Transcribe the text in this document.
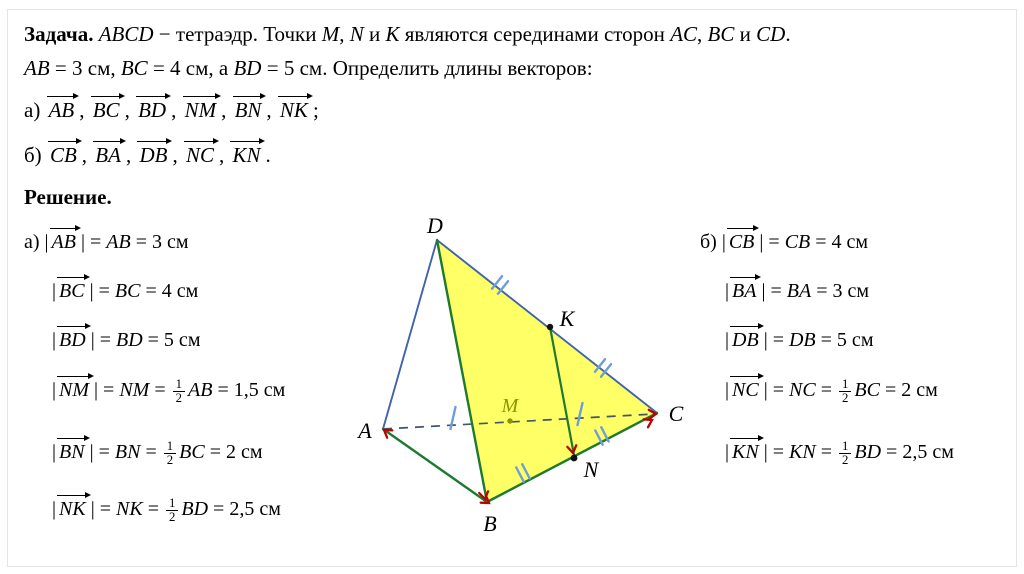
Задача. ABCD − тетраэдр. Точки M, N и K являются серединами сторон AC, BC и CD.
AB = 3 см, BC = 4 см, а BD = 5 см. Определить длины векторов:
а) AB , BC , BD , NM , BN , NK ;
б) CB , BA , DB , NC , KN .
Решение.
а) | AB | = AB = 3 см
| BC | = BC = 4 см
| BD | = BD = 5 см
| NM | = NM = $\frac{1}{2}$ AB = 1,5 см
| BN | = BN = $\frac{1}{2}$ BC = 2 см
| NK | = NK = $\frac{1}{2}$ BD = 2,5 см
б) | CB | = CB = 4 см
| BA | = BA = 3 см
| DB | = DB = 5 см
| NC | = NC = $\frac{1}{2}$ BC = 2 см
| KN | = KN = $\frac{1}{2}$ BD = 2,5 см
D
A
B
C
K
N
M
